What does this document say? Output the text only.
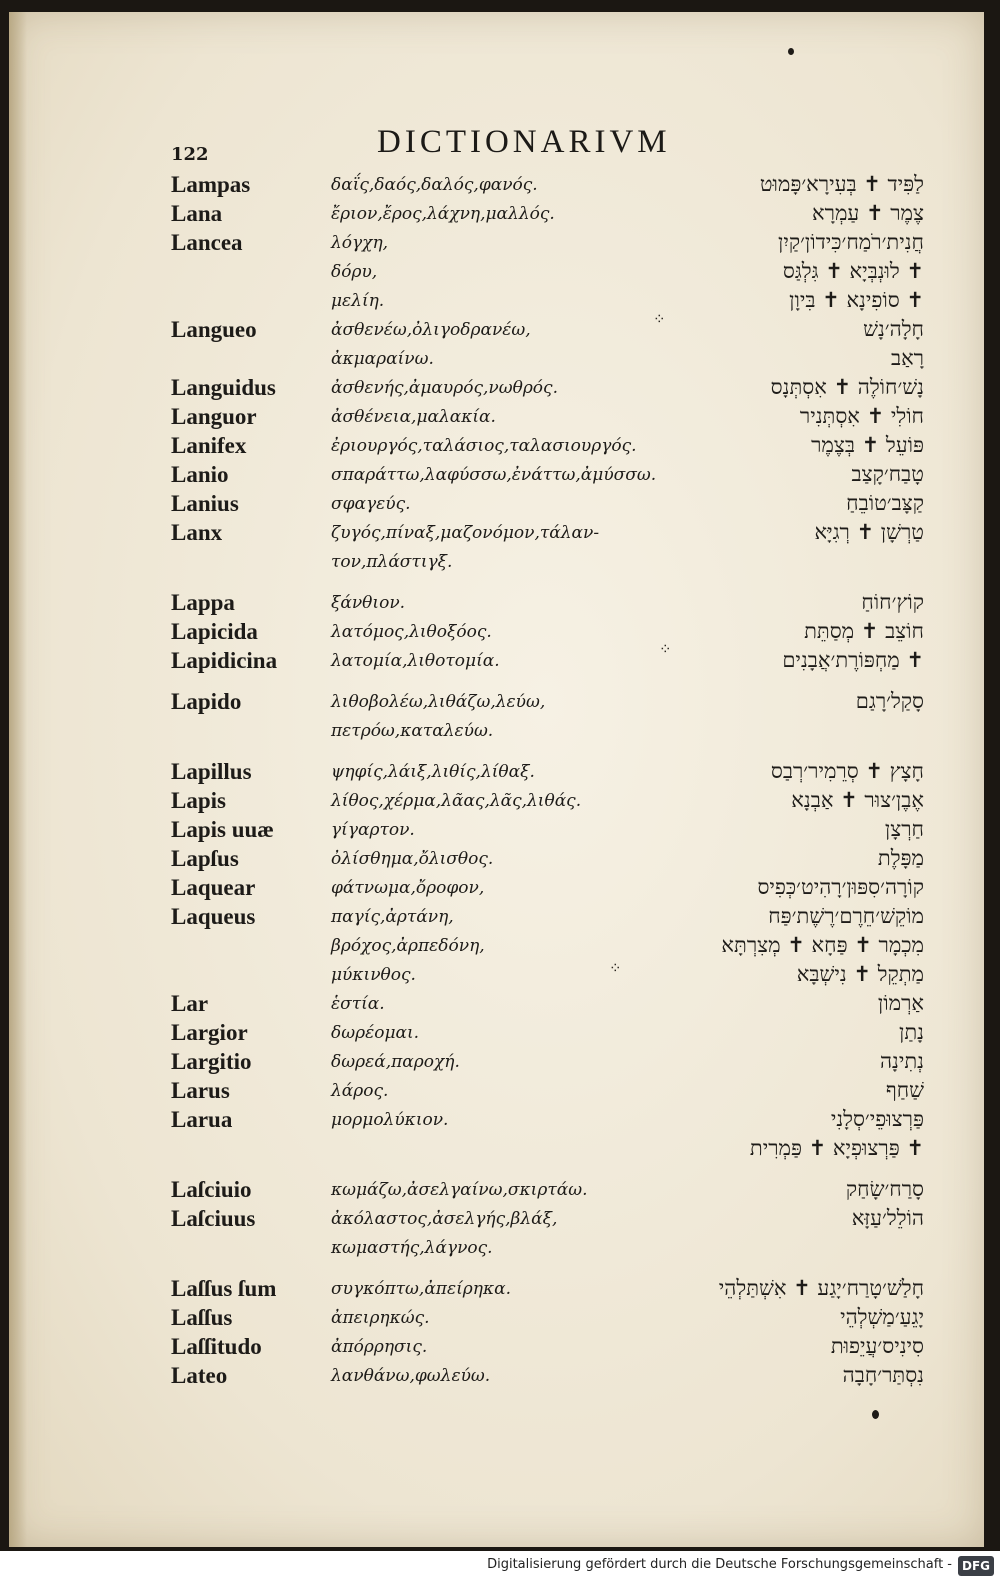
122	DICTIONARIVM
Lampas	δαΐς,δαός,δαλός,φανός.	לַפִּיד ✝ בְּעִירָא׳פָּמוּט
Lana	ἔριον,ἔρος,λάχνη,μαλλός.	צֶמֶר ✝ עַמְרָא
Lancea	λόγχη,	חֲנִית׳רֹמַח׳כִּידוֹן׳קַיִן
δόρυ,	✝ לוּנְבְּיָא ✝ גִּלְגַּס
μελίη.	✝ סוֹפִינָא ✝ בִּיוָן
Langueo	ἀσθενέω,ὀλιγοδρανέω,	חָלָה׳נָשׁ
ἀκμαραίνω.	רָאַב
Languidus	ἀσθενής,ἀμαυρός,νωθρός.	נָשׁ׳חוֹלֶה ✝ אִסְתְּנָס
Languor	ἀσθένεια,μαλακία.	חוֹלִי ✝ אִסְתְּנִיר
Lanifex	ἐριουργός,ταλάσιος,ταλασιουργός.	פּוֹעֵל ✝ בְּצֶמֶר
Lanio	σπαράττω,λαφύσσω,ἐνάττω,ἀμύσσω.	טָבַח׳קָצַב
Lanius	σφαγεύς.	קַצָּב׳טוֹבֵחַ
Lanx	ζυγός,πίναξ,μαζονόμον,τάλαν-	טַרְשָׁן ✝ רְגִיָּא
τον,πλάστιγξ.
Lappa	ξάνθιον.	קוֹץ׳חוֹחַ
Lapicida	λατόμος,λιθοξόος.	חוֹצֵב ✝ מְסַתֵּת
Lapidicina	λατομία,λιθοτομία.	✝ מַחְפּוֹרֶת׳אֲבָנִים
Lapido	λιθοβολέω,λιθάζω,λεύω,	סָקַל׳רָגַם
πετρόω,καταλεύω.
Lapillus	ψηφίς,λάιξ,λιθίς,λίθαξ.	חָצָץ ✝ סְרֵמִיר׳רְבַס
Lapis	λίθος,χέρμα,λᾶας,λᾶς,λιθάς.	אֶבֶן׳צוּר ✝ אַבְנָא
Lapis uuæ	γίγαρτον.	חַרְצָן
Lapſus	ὀλίσθημα,ὄλισθος.	מַפָּלֶת
Laquear	φάτνωμα,ὄροφον,	קוֹרָה׳סִפּוּן׳רָהִיט׳כְּפִיס
Laqueus	παγίς,ἀρτάνη,	מוֹקֵשׁ׳חֵרֶם׳רֶשֶׁת׳פַּח
βρόχος,ἀρπεδόνη,	מִכְמָר ✝ פַּחָא ✝ מְצִרְתָּא
μύκινθος.	מַתְקֵל ✝ נִישְׁבָּא
Lar	ἑστία.	אַרְמוֹן
Largior	δωρέομαι.	נָתַן
Largitio	δωρεά,παροχή.	נְתִינָה
Larus	λάρος.	שַׁחַף
Larua	μορμολύκιον.	פַּרְצוּפֵי׳סְלָנִי
✝ פַּרְצוּפְיָא ✝ פַּמְרִית
Laſciuio	κωμάζω,ἀσελγαίνω,σκιρτάω.	סָרַח׳שָׂחַק
Laſciuus	ἀκόλαστος,ἀσελγής,βλάξ,	הוֹלֵל׳עַזָּא
κωμαστής,λάγνος.
Laſſus ſum	συγκόπτω,ἀπείρηκα.	חָלַשׁ׳טָרַח׳יָגַע ✝ אִשְׁתַּלְהֵי
Laſſus	ἀπειρηκώς.	יָגֵעַ׳מַשְׁלְהֵי
Laſſitudo	ἀπόρρησις.	סִינִיס׳עֲיֵפוּת
Lateo	λανθάνω,φωλεύω.	נִסְתַּר׳חָבָה
⁘
⁘
⁘
Digitalisierung gefördert durch die Deutsche Forschungsgemeinschaft - DFG
